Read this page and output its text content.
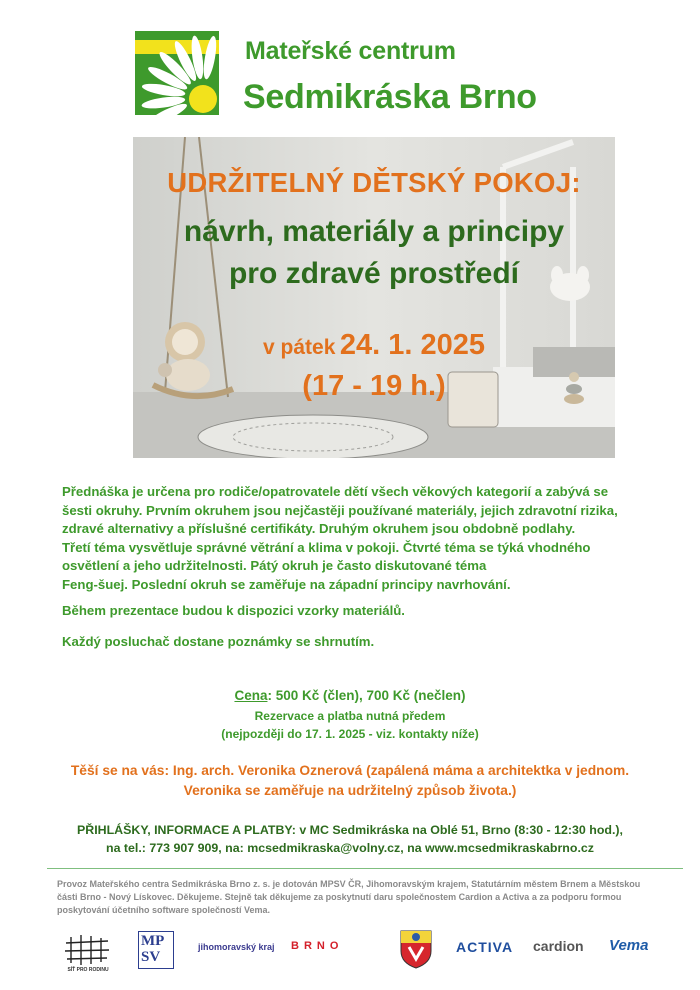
Mateřské centrum
Sedmikráska Brno
UDRŽITELNÝ DĚTSKÝ POKOJ:
návrh, materiály a principy
pro zdravé prostředí
v pátek 24. 1. 2025
(17 - 19 h.)
Přednáška je určena pro rodiče/opatrovatele dětí všech věkových kategorií a zabývá se
šesti okruhy. Prvním okruhem jsou nejčastěji používané materiály, jejich zdravotní rizika,
zdravé alternativy a příslušné certifikáty. Druhým okruhem jsou obdobně podlahy.
Třetí téma vysvětluje správné větrání a klima v pokoji. Čtvrté téma se týká vhodného
osvětlení a jeho udržitelnosti. Pátý okruh je často diskutované téma
Feng-šuej. Poslední okruh se zaměřuje na západní principy navrhování.
Během prezentace budou k dispozici vzorky materiálů.
Každý posluchač dostane poznámky se shrnutím.
Cena: 500 Kč (člen), 700 Kč (nečlen)
Rezervace a platba nutná předem
(nejpozději do 17. 1. 2025 - viz. kontakty níže)
Těší se na vás: Ing. arch. Veronika Oznerová (zapálená máma a architektka v jednom.
Veronika se zaměřuje na udržitelný způsob života.)
PŘIHLÁŠKY, INFORMACE A PLATBY: v MC Sedmikráska na Oblé 51, Brno (8:30 - 12:30 hod.),
na tel.: 773 907 909, na: mcsedmikraska@volny.cz, na www.mcsedmikraskabrno.cz
Provoz Mateřského centra Sedmikráska Brno z. s. je dotován MPSV ČR, Jihomoravským krajem, Statutárním městem Brnem a Městskou
části Brno - Nový Lískovec. Děkujeme. Stejně tak děkujeme za poskytnutí daru společnostem Cardion a Activa a za podporu formou
poskytování účetního software společností Vema.
SÍŤ PRO RODINU
MP
SV
jihomoravský kraj BRNO	ACTIVA cardion Vema
